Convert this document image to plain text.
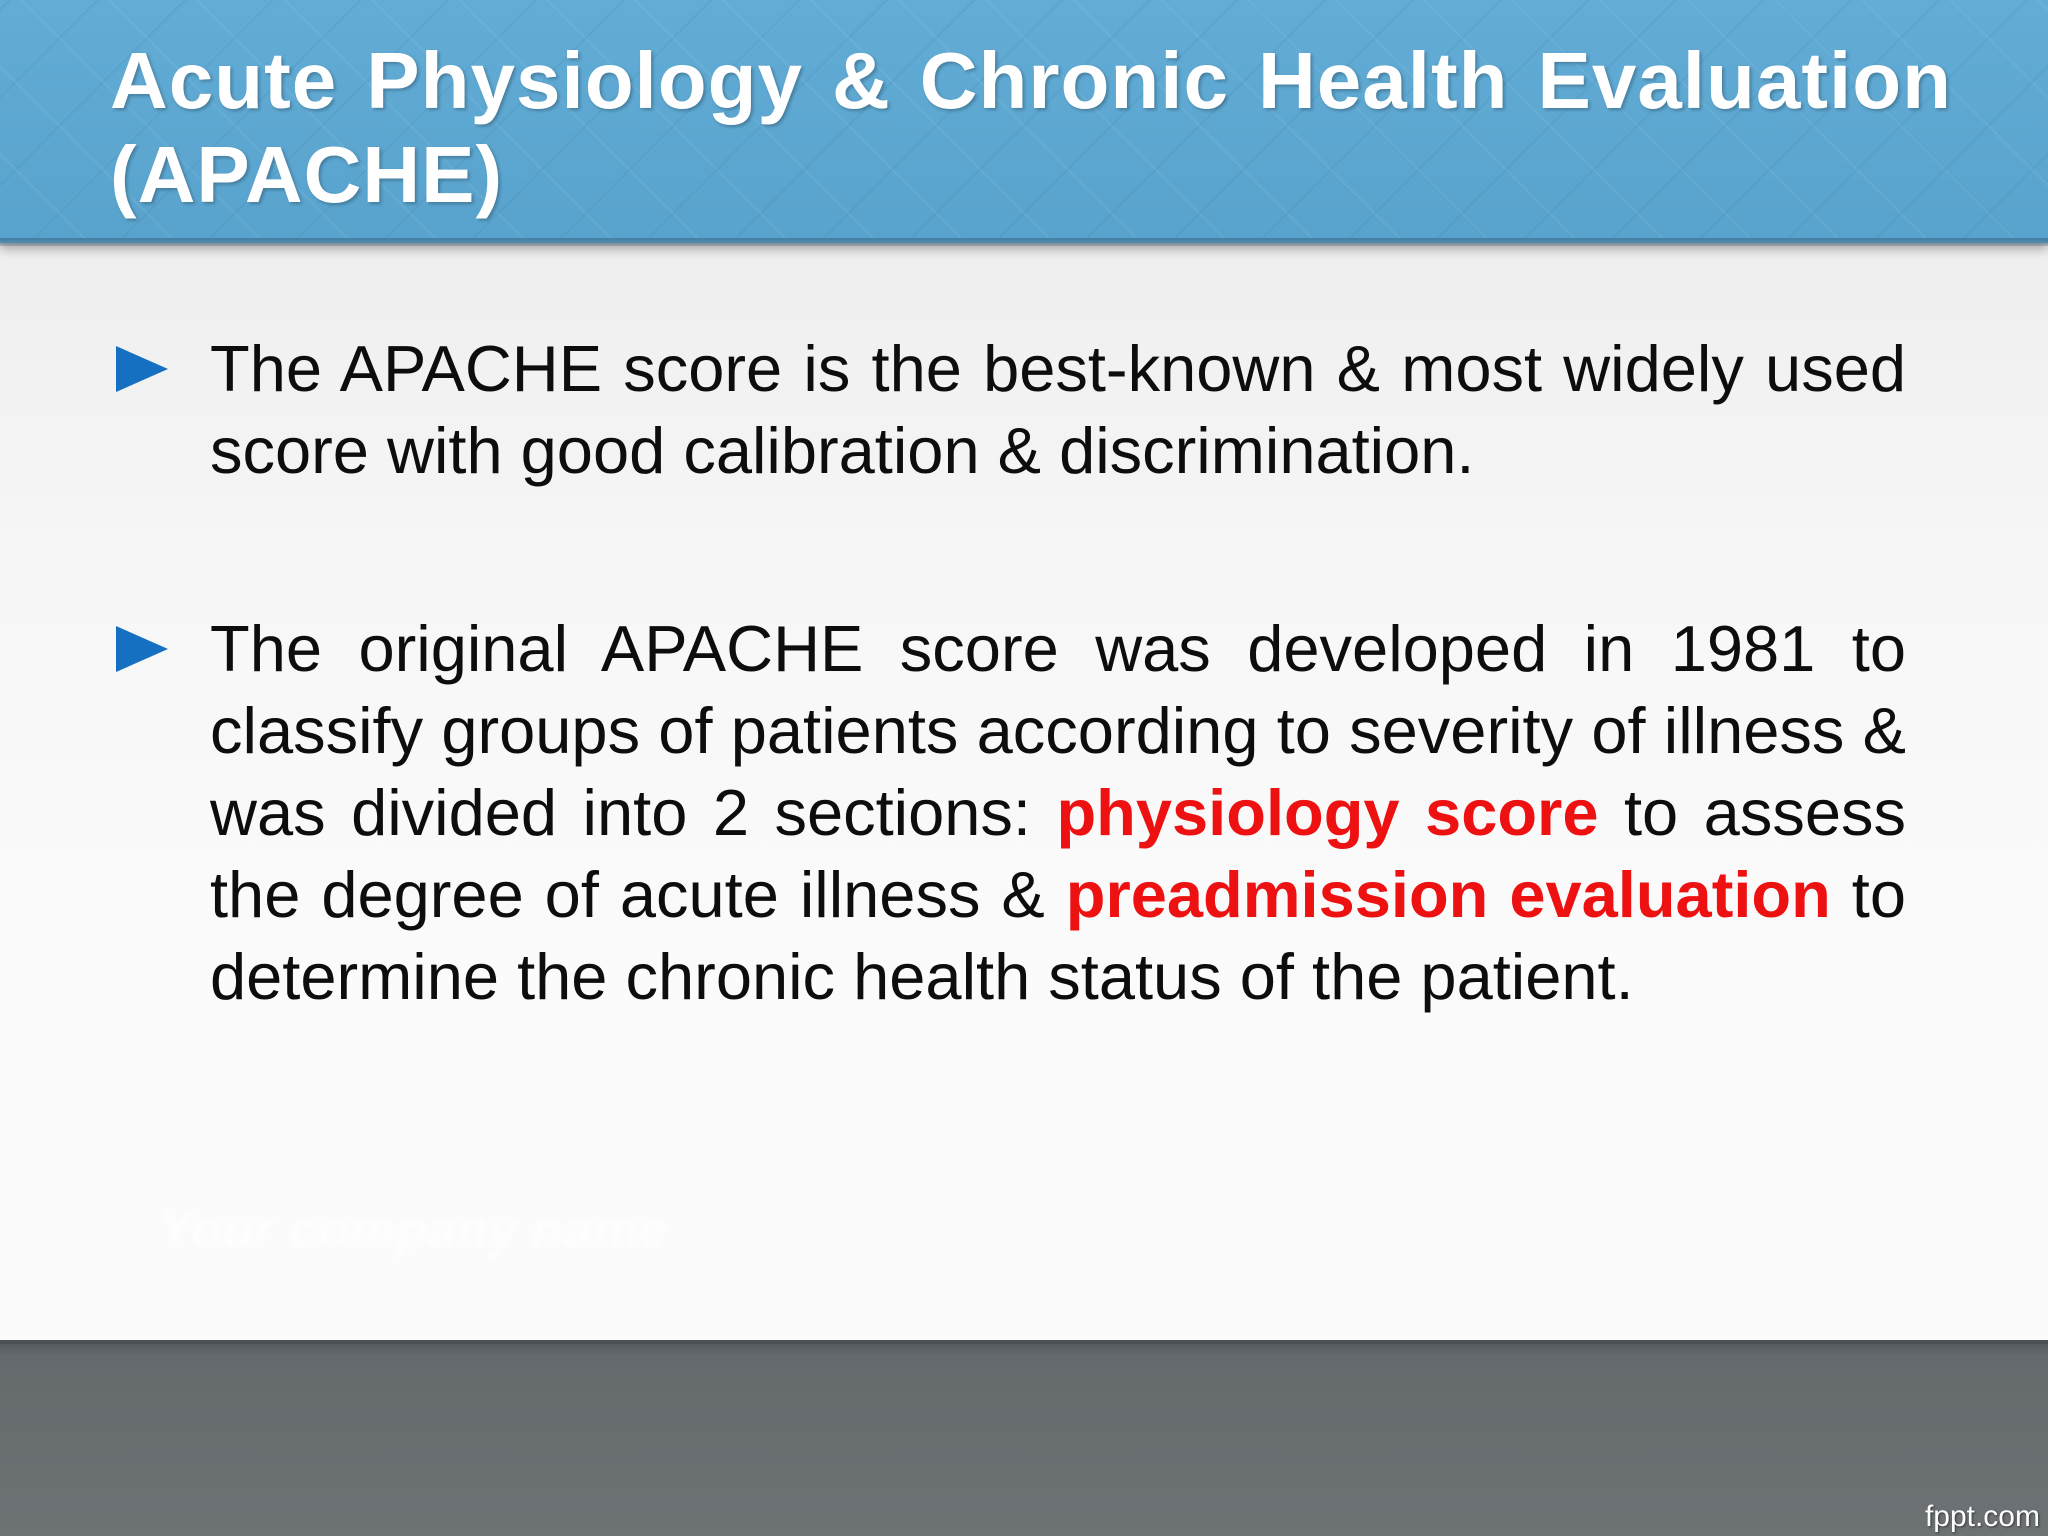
Acute Physiology & Chronic Health Evaluation (APACHE)

The APACHE score is the best-known & most widely used score with good calibration & discrimination.

The original APACHE score was developed in 1981 to classify groups of patients according to severity of illness & was divided into 2 sections: physiology score to assess the degree of acute illness & preadmission evaluation to determine the chronic health status of the patient.

Your company name
fppt.com
